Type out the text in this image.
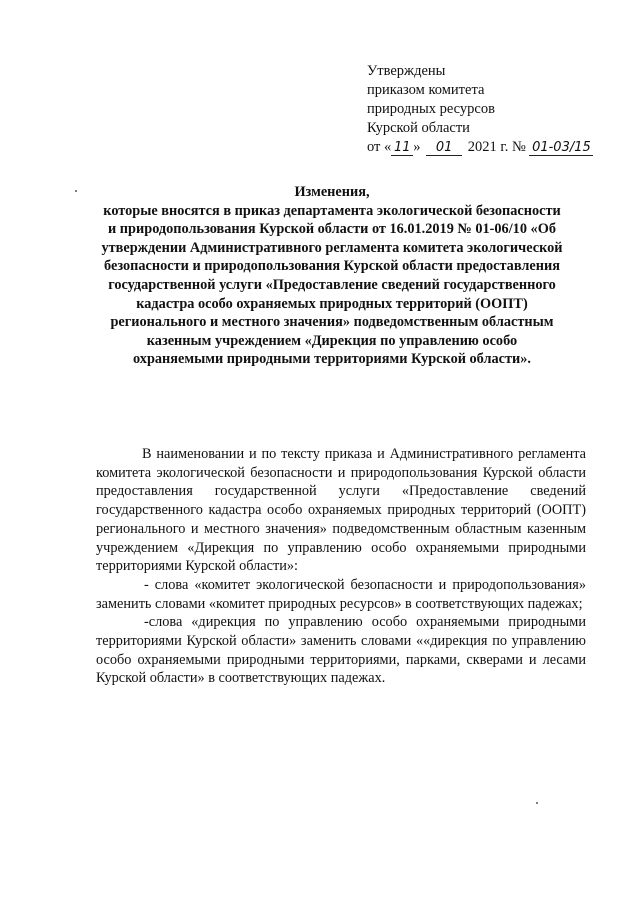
Утверждены
приказом комитета
природных ресурсов
Курской области
от « 11 » 01 2021 г. № 01-03/15
Изменения,
которые вносятся в приказ департамента экологической безопасности
и природопользования Курской области от 16.01.2019 № 01-06/10 «Об
утверждении Административного регламента комитета экологической
безопасности и природопользования Курской области предоставления
государственной услуги «Предоставление сведений государственного
кадастра особо охраняемых природных территорий (ООПТ)
регионального и местного значения» подведомственным областным
казенным учреждением «Дирекция по управлению особо
охраняемыми природными территориями Курской области».

В наименовании и по тексту приказа и Административного регламента комитета экологической безопасности и природопользования Курской области предоставления государственной услуги «Предоставление сведений государственного кадастра особо охраняемых природных территорий (ООПТ) регионального и местного значения» подведомственным областным казенным учреждением «Дирекция по управлению особо охраняемыми природными территориями Курской области»:

- слова «комитет экологической безопасности и природопользования» заменить словами «комитет природных ресурсов» в соответствующих падежах;

-слова «дирекция по управлению особо охраняемыми природными территориями Курской области» заменить словами ««дирекция по управлению особо охраняемыми природными территориями, парками, скверами и лесами Курской области» в соответствующих падежах.
